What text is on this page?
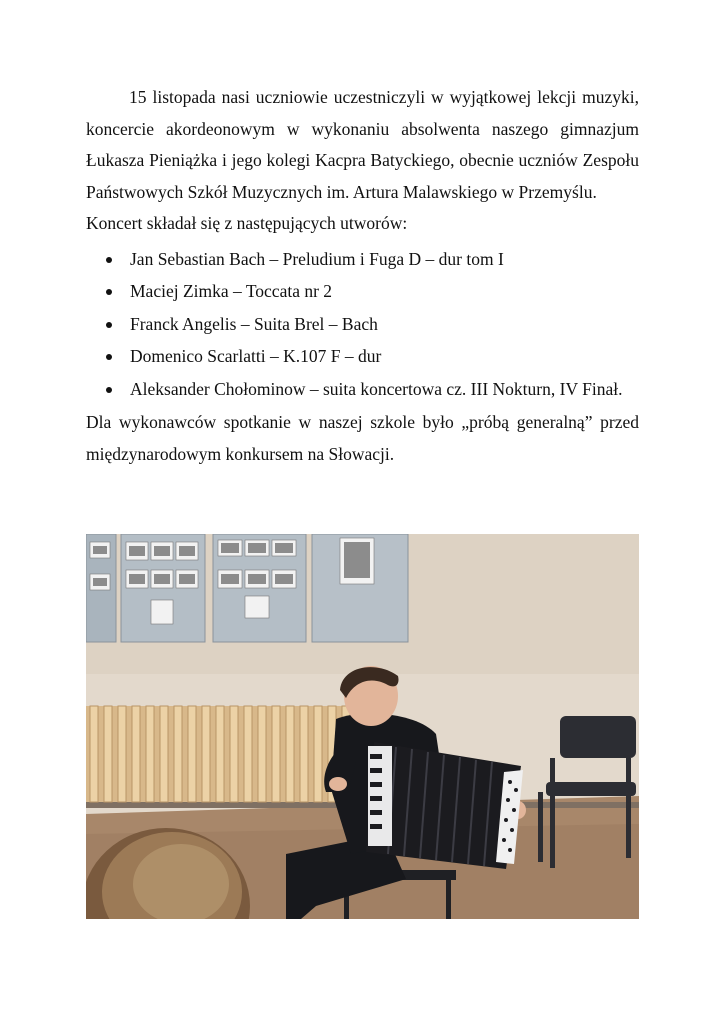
15 listopada nasi uczniowie uczestniczyli w wyjątkowej lekcji muzyki, koncercie akordeonowym w wykonaniu absolwenta naszego gimnazjum Łukasza Pieniążka i jego kolegi Kacpra Batyckiego, obecnie uczniów Zespołu Państwowych Szkół Muzycznych im. Artura Malawskiego w Przemyślu.

Koncert składał się z następujących utworów:

Jan Sebastian Bach – Preludium i Fuga D – dur tom I
Maciej Zimka – Toccata nr 2
Franck Angelis – Suita Brel – Bach
Domenico Scarlatti – K.107 F – dur
Aleksander Chołominow – suita koncertowa cz. III Nokturn, IV Finał.

Dla wykonawców spotkanie w naszej szkole było „próbą generalną” przed międzynarodowym konkursem na Słowacji.
